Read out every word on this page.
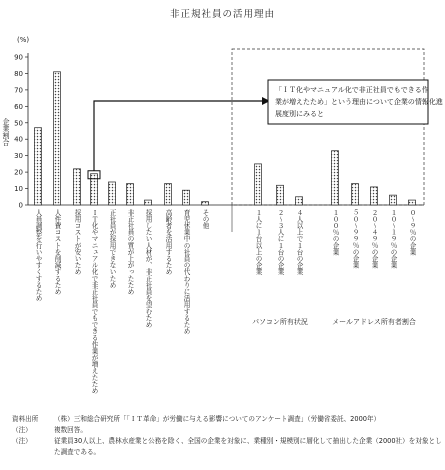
非正規社員の活用理由
0
10
20
30
40
50
60
70
80
90
(%)
企業割合
人員調整を行いやすくするため 人件費コストを削減するため 採用コストが安いため ＩＴ化やマニュアル化で非正社員でもできる作業が増えたため 正社員が採用できないため 非正社員の質が上がったため 採用したい人材が、非正社員を望むため 高齢者を活用するため 育児休業中の社員の代わりに活用するため その他	１人に１台以上の企業 ２～３人に１台の企業 ４人以上で１台の企業	１００％の企業 ５０～９９％の企業 ２０～４９％の企業 １０～１９％の企業 ０～９％の企業
パソコン所有状況	メールアドレス所有者割合
「ＩＴ化やマニュアル化で非正社員でもできる作業が増えたため」という理由について企業の情報化進展度別にみると
資料出所	（株）三和総合研究所「「ＩＴ革命」が労働に与える影響についてのアンケート調査」（労働省委託、2000年）
（注）	複数回答。
（注）	従業員30人以上、農林水産業と公務を除く、全国の企業を対象に、業種別・規模別に層化して抽出した企業（2000社）を対象とした調査である。
